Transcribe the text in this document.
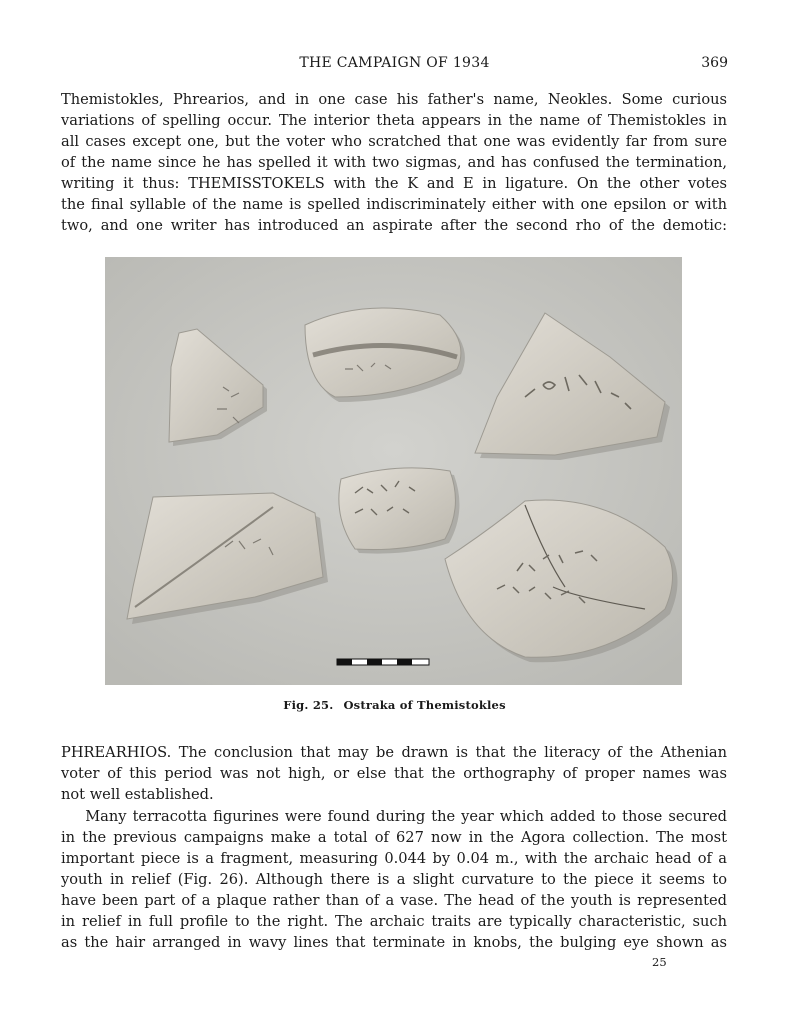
THE CAMPAIGN OF 1934	369

Themistokles, Phrearios, and in one case his father's name, Neokles. Some curious
variations of spelling occur. The interior theta appears in the name of Themistokles in
all cases except one, but the voter who scratched that one was evidently far from sure
of the name since he has spelled it with two sigmas, and has confused the termination,
writing it thus: THEMISSTOKELS with the K and E in ligature. On the other votes
the final syllable of the name is spelled indiscriminately either with one epsilon or with
two, and one writer has introduced an aspirate after the second rho of the demotic:

Fig. 25. Ostraka of Themistokles

PHREARHIOS. The conclusion that may be drawn is that the literacy of the Athenian
voter of this period was not high, or else that the orthography of proper names was
not well established.

Many terracotta figurines were found during the year which added to those secured
in the previous campaigns make a total of 627 now in the Agora collection. The most
important piece is a fragment, measuring 0.044 by 0.04 m., with the archaic head of a
youth in relief (Fig. 26). Although there is a slight curvature to the piece it seems to
have been part of a plaque rather than of a vase. The head of the youth is represented
in relief in full profile to the right. The archaic traits are typically characteristic, such
as the hair arranged in wavy lines that terminate in knobs, the bulging eye shown as

25
